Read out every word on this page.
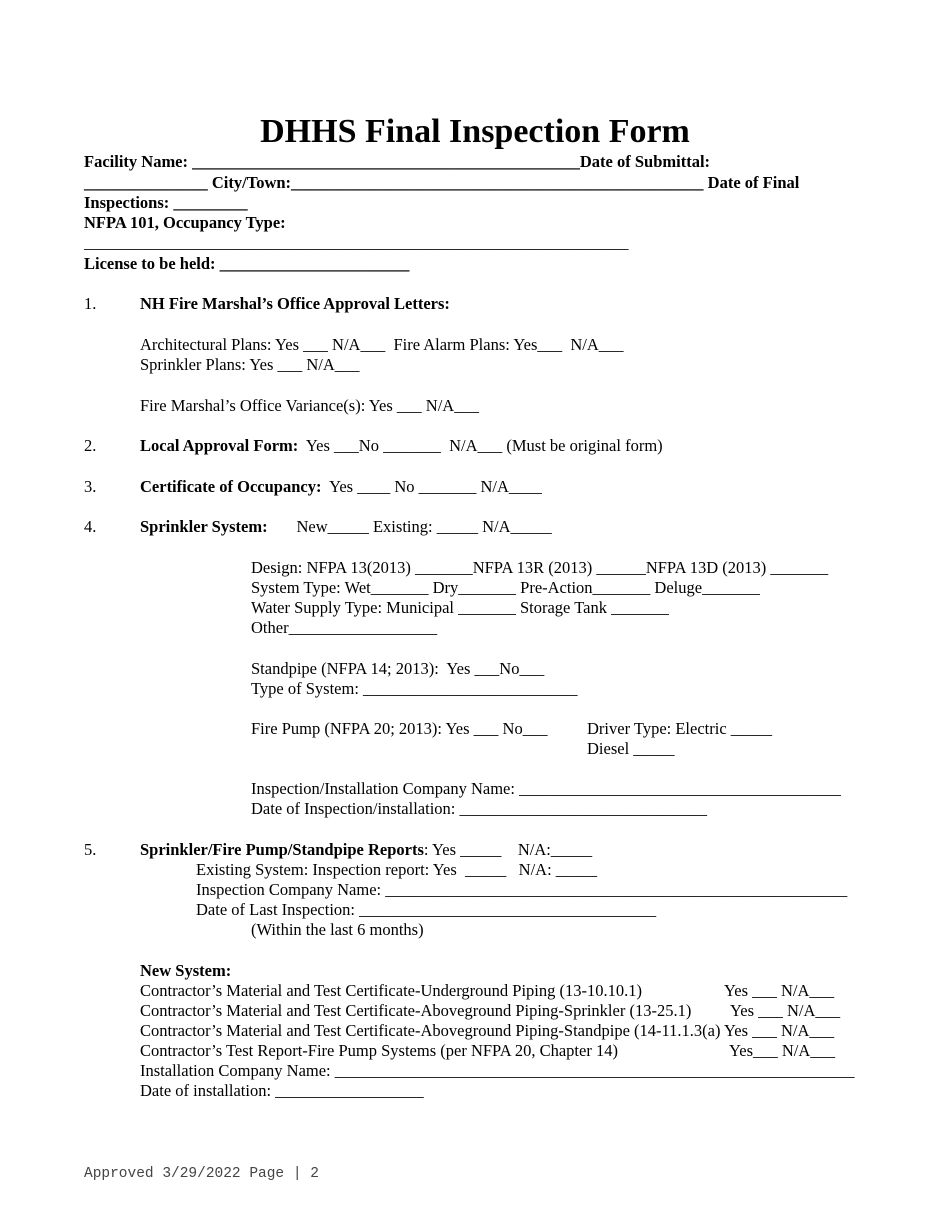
DHHS Final Inspection Form
Facility Name: _______________________________________________Date of Submittal:
_______________ City/Town:__________________________________________________ Date of Final
Inspections: _________
NFPA 101, Occupancy Type:
__________________________________________________________________
License to be held: _______________________
1.	NH Fire Marshal’s Office Approval Letters:
Architectural Plans: Yes ___ N/A___  Fire Alarm Plans: Yes___  N/A___
Sprinkler Plans: Yes ___ N/A___
Fire Marshal’s Office Variance(s): Yes ___ N/A___
2.	Local Approval Form:  Yes ___No _______  N/A___ (Must be original form)
3.	Certificate of Occupancy:  Yes ____ No _______ N/A____
4.	Sprinkler System:       New_____ Existing: _____ N/A_____
Design: NFPA 13(2013) _______NFPA 13R (2013) ______NFPA 13D (2013) _______
System Type: Wet_______ Dry_______ Pre-Action_______ Deluge_______
Water Supply Type: Municipal _______ Storage Tank _______
Other__________________
Standpipe (NFPA 14; 2013):  Yes ___No___
Type of System: __________________________
Fire Pump (NFPA 20; 2013): Yes ___ No___ Driver Type: Electric _____
Diesel _____
Inspection/Installation Company Name: _______________________________________
Date of Inspection/installation: ______________________________
5.	Sprinkler/Fire Pump/Standpipe Reports: Yes _____    N/A:_____
Existing System: Inspection report: Yes  _____   N/A: _____
Inspection Company Name: ________________________________________________________
Date of Last Inspection: ____________________________________
(Within the last 6 months)
New System:
Contractor’s Material and Test Certificate-Underground Piping (13-10.10.1)	Yes ___ N/A___
Contractor’s Material and Test Certificate-Aboveground Piping-Sprinkler (13-25.1) Yes ___ N/A___
Contractor’s Material and Test Certificate-Aboveground Piping-Standpipe (14-11.1.3(a) Yes ___ N/A___
Contractor’s Test Report-Fire Pump Systems (per NFPA 20, Chapter 14)	Yes___ N/A___
Installation Company Name: _______________________________________________________________
Date of installation: __________________
Approved 3/29/2022 Page | 2
